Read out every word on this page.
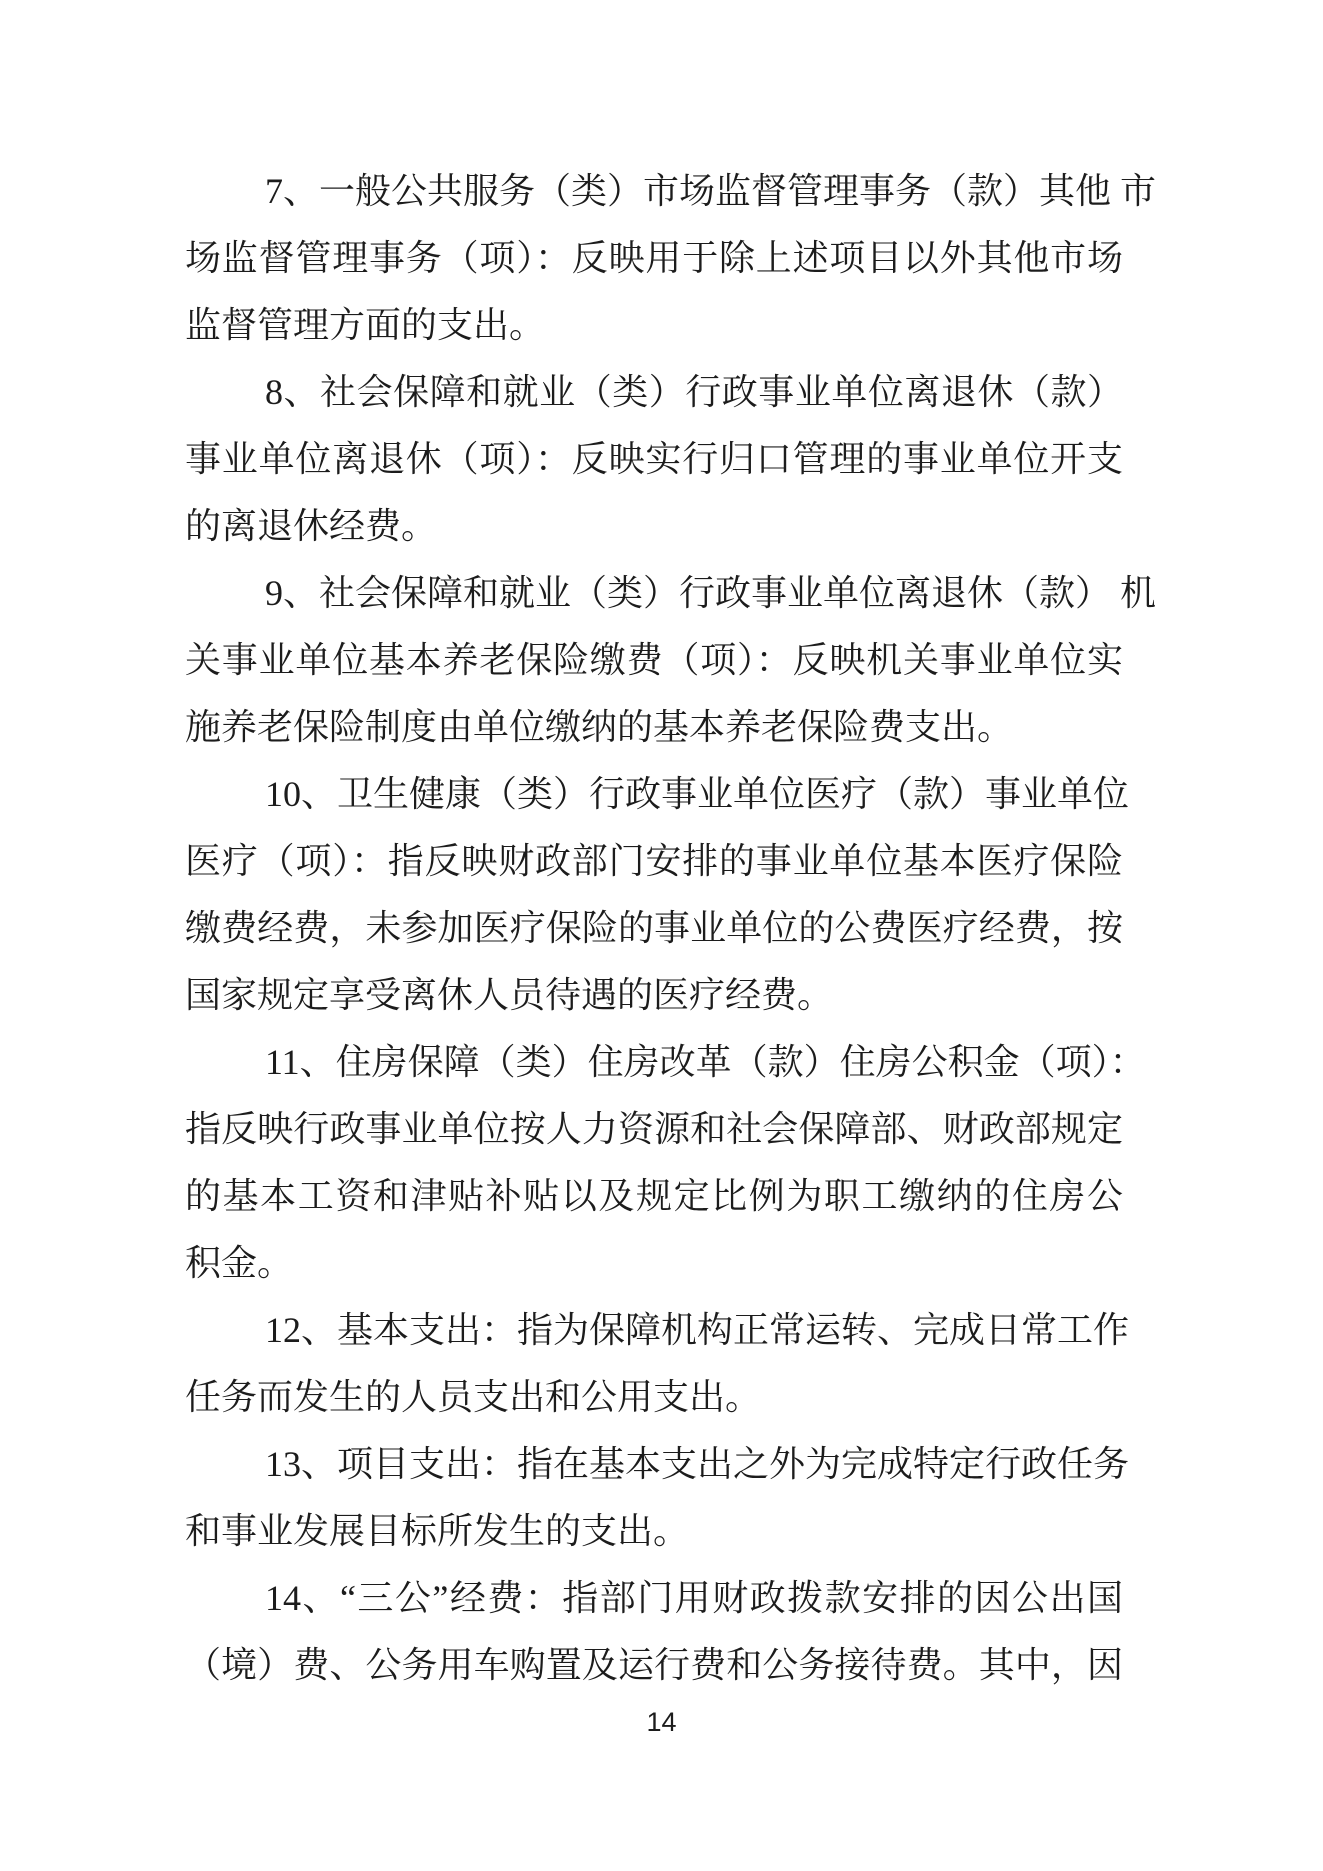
7、一般公共服务（类）市场监督管理事务（款）其他 市
场监督管理事务（项）：反映用于除上述项目以外其他市场
监督管理方面的支出。

8、社会保障和就业（类）行政事业单位离退休（款）
事业单位离退休（项）：反映实行归口管理的事业单位开支
的离退休经费。

9、社会保障和就业（类）行政事业单位离退休（款） 机
关事业单位基本养老保险缴费（项）：反映机关事业单位实
施养老保险制度由单位缴纳的基本养老保险费支出。

10、卫生健康（类）行政事业单位医疗（款）事业单位
医疗（项）：指反映财政部门安排的事业单位基本医疗保险
缴费经费，未参加医疗保险的事业单位的公费医疗经费，按
国家规定享受离休人员待遇的医疗经费。

11、住房保障（类）住房改革（款）住房公积金（项）：
指反映行政事业单位按人力资源和社会保障部、财政部规定
的基本工资和津贴补贴以及规定比例为职工缴纳的住房公
积金。

12、基本支出：指为保障机构正常运转、完成日常工作
任务而发生的人员支出和公用支出。

13、项目支出：指在基本支出之外为完成特定行政任务
和事业发展目标所发生的支出。

14、“三公”经费：指部门用财政拨款安排的因公出国
（境）费、公务用车购置及运行费和公务接待费。其中，因

14
